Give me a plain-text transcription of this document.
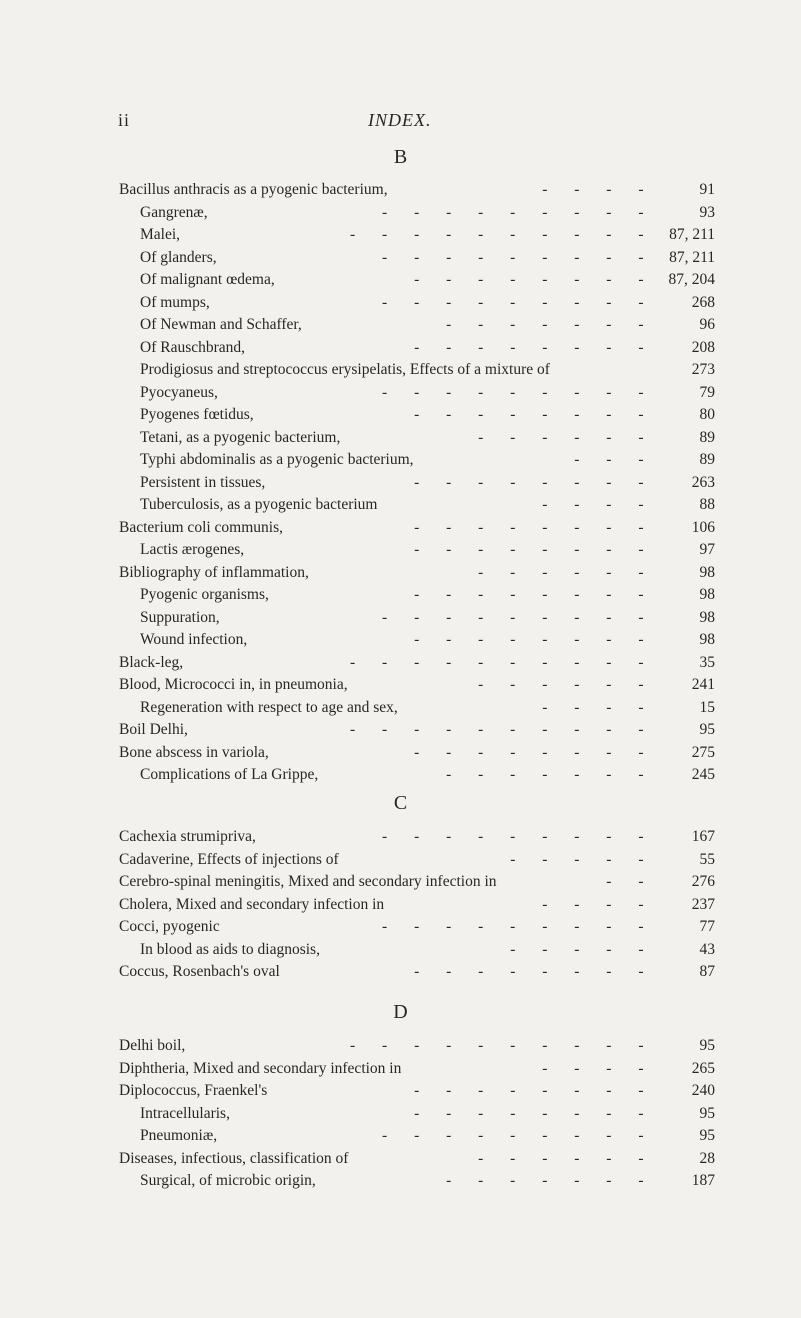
ii	INDEX.
B
Bacillus anthracis as a pyogenic bacterium,	- - - -	91
Gangrenæ,	- - - - - - - - -	93
Malei,	- - - - - - - - - - 87, 211
Of glanders,	- - - - - - - - - 87, 211
Of malignant œdema,	- - - - - - - - 87, 204
Of mumps,	- - - - - - - - - 268
Of Newman and Schaffer,	- - - - - - -	96
Of Rauschbrand,	- - - - - - - - 208
Prodigiosus and streptococcus erysipelatis, Effects of a mixture of	273
Pyocyaneus,	- - - - - - - - -	79
Pyogenes fœtidus,	- - - - - - - -	80
Tetani, as a pyogenic bacterium,	- - - - - -	89
Typhi abdominalis as a pyogenic bacterium,	- - -	89
Persistent in tissues,	- - - - - - - - 263
Tuberculosis, as a pyogenic bacterium	- - - -	88
Bacterium coli communis,	- - - - - - - - 106
Lactis ærogenes,	- - - - - - - -	97
Bibliography of inflammation,	- - - - - -	98
Pyogenic organisms,	- - - - - - - -	98
Suppuration,	- - - - - - - - -	98
Wound infection,	- - - - - - - -	98
Black-leg,	- - - - - - - - - -	35
Blood, Micrococci in, in pneumonia,	- - - - - - 241
Regeneration with respect to age and sex,	- - - -	15
Boil Delhi,	- - - - - - - - - -	95
Bone abscess in variola,	- - - - - - - - 275
Complications of La Grippe,	- - - - - - - 245
C
Cachexia strumipriva,	- - - - - - - - - 167
Cadaverine, Effects of injections of	- - - - -	55
Cerebro-spinal meningitis, Mixed and secondary infection in	- - 276
Cholera, Mixed and secondary infection in	- - - - 237
Cocci, pyogenic	- - - - - - - - -	77
In blood as aids to diagnosis,	- - - - -	43
Coccus, Rosenbach's oval	- - - - - - - -	87
D
Delhi boil,	- - - - - - - - - -	95
Diphtheria, Mixed and secondary infection in	- - - - 265
Diplococcus, Fraenkel's	- - - - - - - - 240
Intracellularis,	- - - - - - - -	95
Pneumoniæ,	- - - - - - - - -	95
Diseases, infectious, classification of	- - - - - -	28
Surgical, of microbic origin,	- - - - - - - 187
